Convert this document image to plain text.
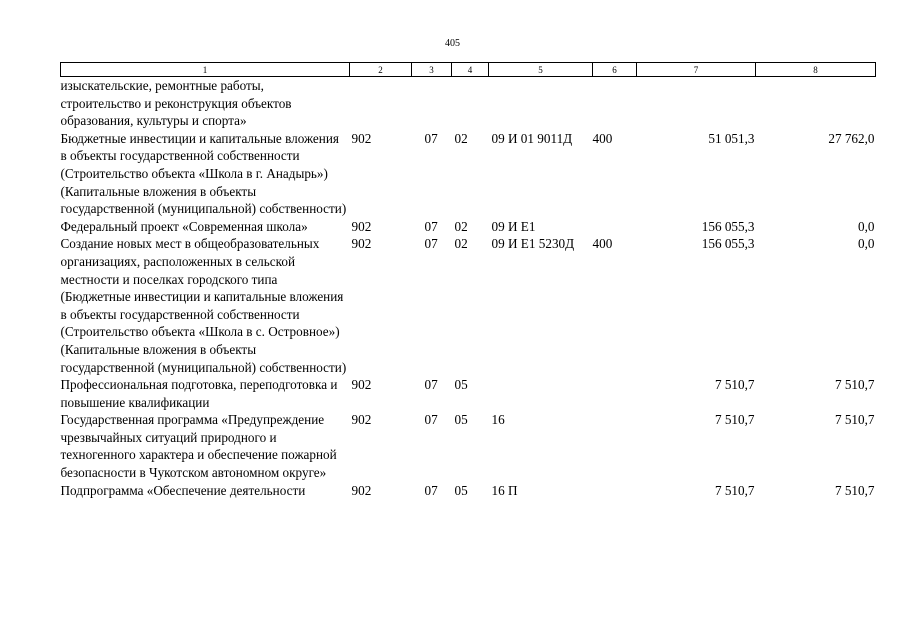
405
1	2	3	4	5	6	7	8
изыскательские, ремонтные работы, строительство и реконструкция объектов образования, культуры и спорта»							
Бюджетные инвестиции и капитальные вложения в объекты государственной собственности (Строительство объекта «Школа в г. Анадырь») (Капитальные вложения в объекты государственной (муниципальной) собственности)	902	07	02	09 И 01 9011Д	400	51 051,3	27 762,0
Федеральный проект «Современная школа»	902	07	02	09 И Е1		156 055,3	0,0
Создание новых мест в общеобразовательных организациях, расположенных в сельской местности и поселках городского типа (Бюджетные инвестиции и капитальные вложения в объекты государственной собственности (Строительство объекта «Школа в с. Островное») (Капитальные вложения в объекты государственной (муниципальной) собственности)	902	07	02	09 И Е1 5230Д	400	156 055,3	0,0
Профессиональная подготовка, переподготовка и повышение квалификации	902	07	05			7 510,7	7 510,7
Государственная программа «Предупреждение чрезвычайных ситуаций природного и техногенного характера и обеспечение пожарной безопасности в Чукотском автономном округе»	902	07	05	16		7 510,7	7 510,7
Подпрограмма «Обеспечение деятельности	902	07	05	16 П		7 510,7	7 510,7
